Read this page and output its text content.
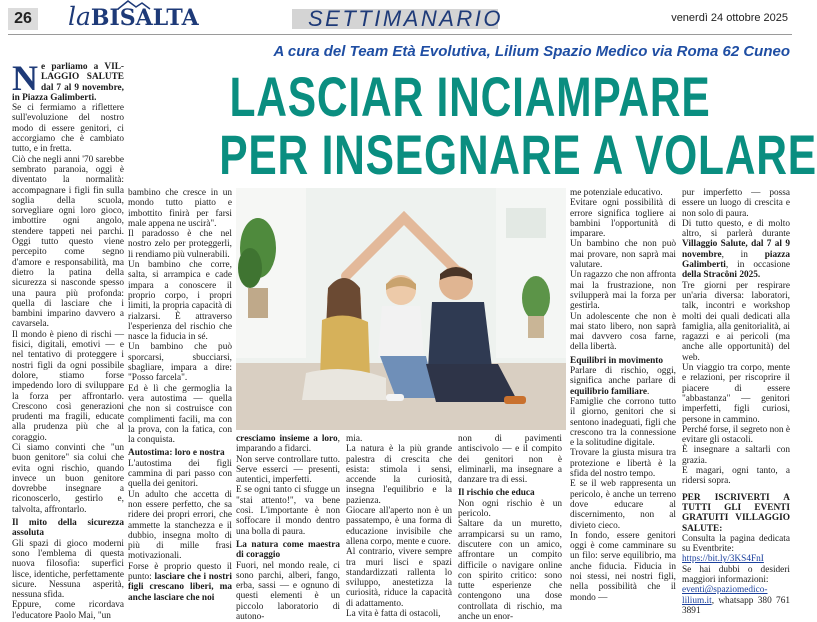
26 la BISALTA	SETTIMANARIO	venerdì 24 ottobre 2025
A cura del Team Età Evolutiva, Lilium Spazio Medico via Roma 62 Cuneo
LASCIAR INCIAMPARE
PER INSEGNARE A VOLARE
N e parliamo a VIL-LAGGIO SALUTE dal 7 al 9 novembre, in Piazza Galimberti.

Se ci fermiamo a riflettere sull'evoluzione del nostro modo di essere genitori, ci accorgiamo che è cambiato tutto, e in fretta.

Ciò che negli anni '70 sarebbe sembrato paranoia, oggi è diventato la normalità: accompagnare i figli fin sulla soglia della scuola, sorvegliare ogni loro gioco, imbottire ogni angolo, stendere tappeti nei parchi. Oggi tutto questo viene percepito come segno d'amore e responsabilità, ma dietro la patina della sicurezza si nasconde spesso una paura più profonda: quella di lasciare che i bambini imparino davvero a cavarsela.

Il mondo è pieno di rischi — fisici, digitali, emotivi — e nel tentativo di proteggere i nostri figli da ogni possibile dolore, stiamo forse impedendo loro di sviluppare la forza per affrontarlo. Crescono così generazioni prudenti ma fragili, educate alla prudenza più che al coraggio.

Ci siamo convinti che "un buon genitore" sia colui che evita ogni rischio, quando invece un buon genitore dovrebbe insegnare a riconoscerlo, gestirlo e, talvolta, affrontarlo.

Il mito della sicurezza assoluta

Gli spazi di gioco moderni sono l'emblema di questa nuova filosofia: superfici lisce, identiche, perfettamente sicure. Nessuna asperità, nessuna sfida.

Eppure, come ricordava l'educatore Paolo Mai, "un

bambino che cresce in un mondo tutto piatto e imbottito finirà per farsi male appena ne uscirà".

Il paradosso è che nel nostro zelo per proteggerli, li rendiamo più vulnerabili.

Un bambino che corre, salta, si arrampica e cade impara a conoscere il proprio corpo, i propri limiti, la propria capacità di rialzarsi. È attraverso l'esperienza del rischio che nasce la fiducia in sé.

Un bambino che può sporcarsi, sbucciarsi, sbagliare, impara a dire: "Posso farcela".

Ed è lì che germoglia la vera autostima — quella che non si costruisce con complimenti facili, ma con la prova, con la fatica, con la conquista.

Autostima: loro e nostra

L'autostima dei figli cammina di pari passo con quella dei genitori.

Un adulto che accetta di non essere perfetto, che sa ridere dei propri errori, che ammette la stanchezza e il dubbio, insegna molto di più di mille frasi motivazionali.

Forse è proprio questo il punto: lasciare che i nostri figli crescano liberi, ma anche lasciare che noi

cresciamo insieme a loro, imparando a fidarci.

Non serve controllare tutto. Serve esserci — presenti, autentici, imperfetti.

E se ogni tanto ci sfugge un "stai attento!", va bene così. L'importante è non soffocare il mondo dentro una bolla di paura.

La natura come maestra di coraggio

Fuori, nel mondo reale, ci sono parchi, alberi, fango, erba, sassi — e ognuno di questi elementi è un piccolo laboratorio di autono-

mia.

La natura è la più grande palestra di crescita che esista: stimola i sensi, accende la curiosità, insegna l'equilibrio e la pazienza.

Giocare all'aperto non è un passatempo, è una forma di educazione invisibile che allena corpo, mente e cuore.

Al contrario, vivere sempre tra muri lisci e spazi standardizzati rallenta lo sviluppo, anestetizza la curiosità, riduce la capacità di adattamento.

La vita è fatta di ostacoli,

non di pavimenti antiscivolo — e il compito dei genitori non è eliminarli, ma insegnare a danzare tra di essi.

Il rischio che educa

Non ogni rischio è un pericolo.

Saltare da un muretto, arrampicarsi su un ramo, discutere con un amico, affrontare un compito difficile o navigare online con spirito critico: sono tutte esperienze che contengono una dose controllata di rischio, ma anche un enor-

me potenziale educativo.

Evitare ogni possibilità di errore significa togliere ai bambini l'opportunità di imparare.

Un bambino che non può mai provare, non saprà mai valutare.

Un ragazzo che non affronta mai la frustrazione, non svilupperà mai la forza per gestirla.

Un adolescente che non è mai stato libero, non saprà mai davvero cosa farne, della libertà.

Equilibri in movimento

Parlare di rischio, oggi, significa anche parlare di equilibrio familiare.

Famiglie che corrono tutto il giorno, genitori che si sentono inadeguati, figli che crescono tra la connessione e la solitudine digitale.

Trovare la giusta misura tra protezione e libertà è la sfida del nostro tempo.

E se il web rappresenta un pericolo, è anche un terreno dove educare al discernimento, non al divieto cieco.

In fondo, essere genitori oggi è come camminare su un filo: serve equilibrio, ma anche fiducia. Fiducia in noi stessi, nei nostri figli, nella possibilità che il mondo —

pur imperfetto — possa essere un luogo di crescita e non solo di paura.

Di tutto questo, e di molto altro, si parlerà durante Villaggio Salute, dal 7 al 9 novembre, in piazza Galimberti, in occasione della Stracôni 2025.

Tre giorni per respirare un'aria diversa: laboratori, talk, incontri e workshop molti dei quali dedicati alla famiglia, alla genitorialità, ai ragazzi e ai pericoli (ma anche alle opportunità) del web.

Un viaggio tra corpo, mente e relazioni, per riscoprire il piacere di essere "abbastanza" — genitori imperfetti, figli curiosi, persone in cammino.

Perché forse, il segreto non è evitare gli ostacoli.

È insegnare a saltarli con grazia.

E magari, ogni tanto, a ridersi sopra.

PER ISCRIVERTI A TUTTI GLI EVENTI GRATUITI VILLAGGIO SALUTE:

Consulta la pagina dedicata su Eventbrite:

https://bit.ly/3KS4FnI

Se hai dubbi o desideri maggiori informazioni:

eventi@spaziomedico-lilium.it, whatsapp 380 761 3891
